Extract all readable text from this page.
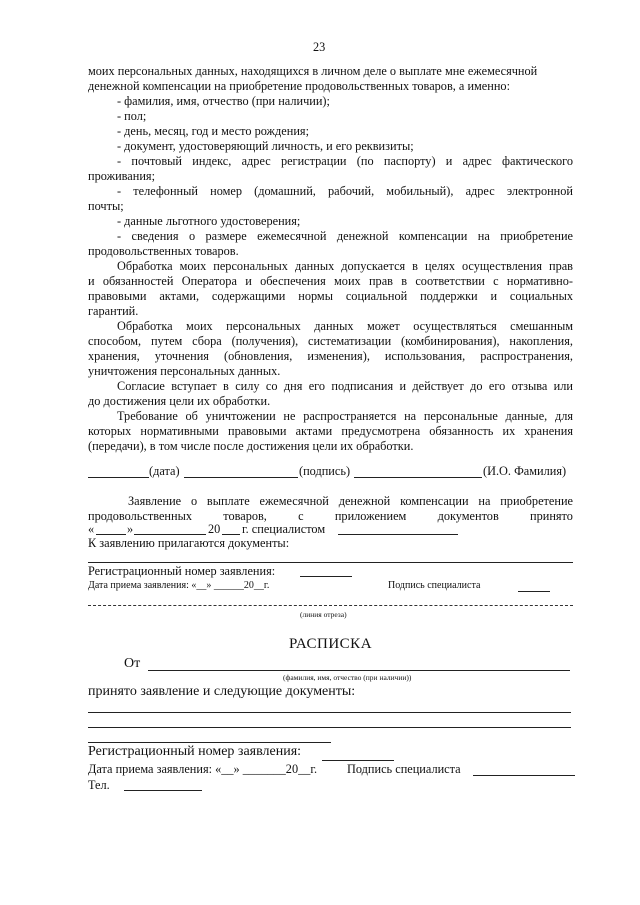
23
моих персональных данных, находящихся в личном деле о выплате мне ежемесячной
денежной компенсации на приобретение продовольственных товаров, а именно:
- фамилия, имя, отчество (при наличии);
- пол;
- день, месяц, год и место рождения;
- документ, удостоверяющий личность, и его реквизиты;
- почтовый индекс, адрес регистрации (по паспорту) и адрес фактического
проживания;
- телефонный номер (домашний, рабочий, мобильный), адрес электронной
почты;
- данные льготного удостоверения;
- сведения о размере ежемесячной денежной компенсации на приобретение
продовольственных товаров.
Обработка моих персональных данных допускается в целях осуществления прав
и обязанностей Оператора и обеспечения моих прав в соответствии с нормативно-
правовыми актами, содержащими нормы социальной поддержки и социальных
гарантий.
Обработка моих персональных данных может осуществляться смешанным
способом, путем сбора (получения), систематизации (комбинирования), накопления,
хранения, уточнения (обновления, изменения), использования, распространения,
уничтожения персональных данных.
Согласие вступает в силу со дня его подписания и действует до его отзыва или
до достижения цели их обработки.
Требование об уничтожении не распространяется на персональные данные, для
которых нормативными правовыми актами предусмотрена обязанность их хранения
(передачи), в том числе после достижения цели их обработки.
(дата)	(подпись)	(И.О. Фамилия)
Заявление о выплате ежемесячной денежной компенсации на приобретение
продовольственных	товаров,	с	приложением	документов	принято
«	»	20 г. специалистом
К заявлению прилагаются документы:
Регистрационный номер заявления:
Дата приема заявления: «__» ______20__г.	Подпись специалиста
(линия отреза)
РАСПИСКА
От
(фамилия, имя, отчество (при наличии))
принято заявление и следующие документы:
Регистрационный номер заявления:
Дата приема заявления: «__» _______20__г. Подпись специалиста
Тел.
